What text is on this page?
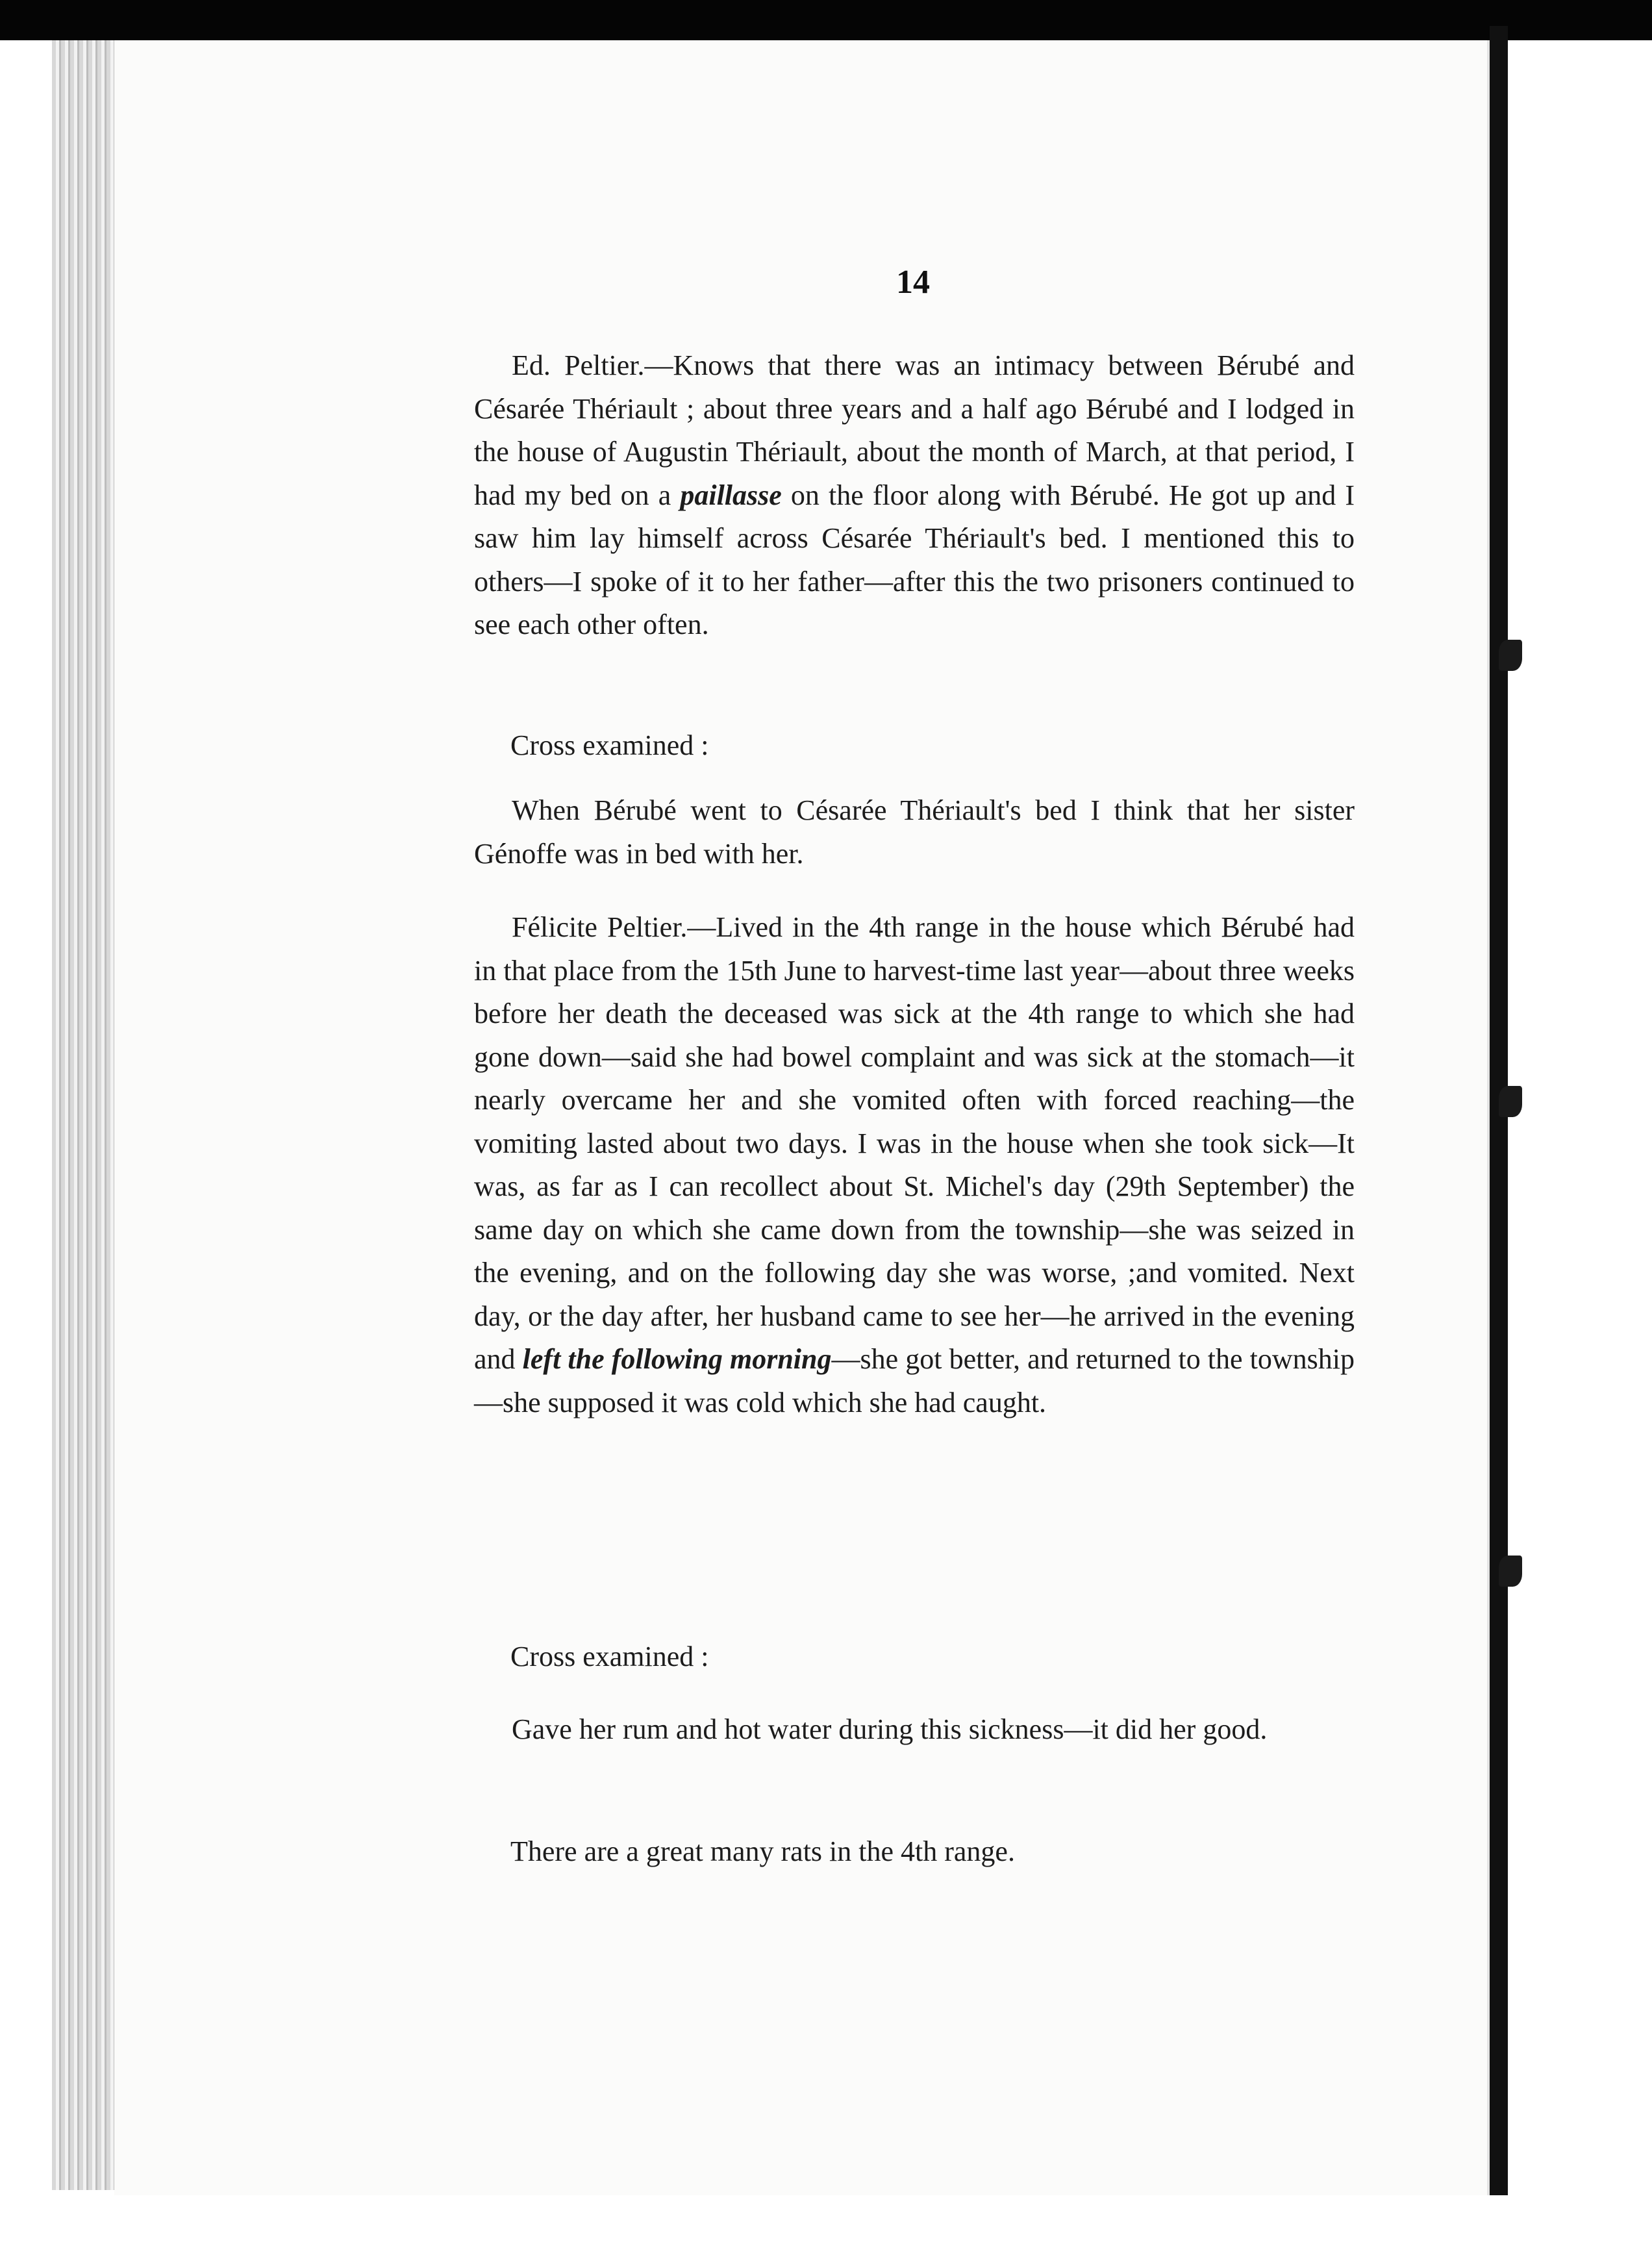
14

Ed. Peltier.—Knows that there was an intimacy between Bérubé and Césarée Thériault ; about three years and a half ago Bérubé and I lodged in the house of Augustin Thériault, about the month of March, at that period, I had my bed on a paillasse on the floor along with Bérubé. He got up and I saw him lay himself across Césarée Thériault's bed. I mentioned this to others—I spoke of it to her father—after this the two prisoners continued to see each other often.

Cross examined :

When Bérubé went to Césarée Thériault's bed I think that her sister Génoffe was in bed with her.

Félicite Peltier.—Lived in the 4th range in the house which Bérubé had in that place from the 15th June to harvest-time last year—about three weeks before her death the deceased was sick at the 4th range to which she had gone down—said she had bowel complaint and was sick at the stomach—it nearly overcame her and she vomited often with forced reaching—the vomiting lasted about two days. I was in the house when she took sick—It was, as far as I can recollect about St. Michel's day (29th September) the same day on which she came down from the township—she was seized in the evening, and on the following day she was worse, ;and vomited. Next day, or the day after, her husband came to see her—he arrived in the evening and left the following morning—she got better, and returned to the township—she supposed it was cold which she had caught.

Cross examined :

Gave her rum and hot water during this sickness—it did her good.

There are a great many rats in the 4th range.
